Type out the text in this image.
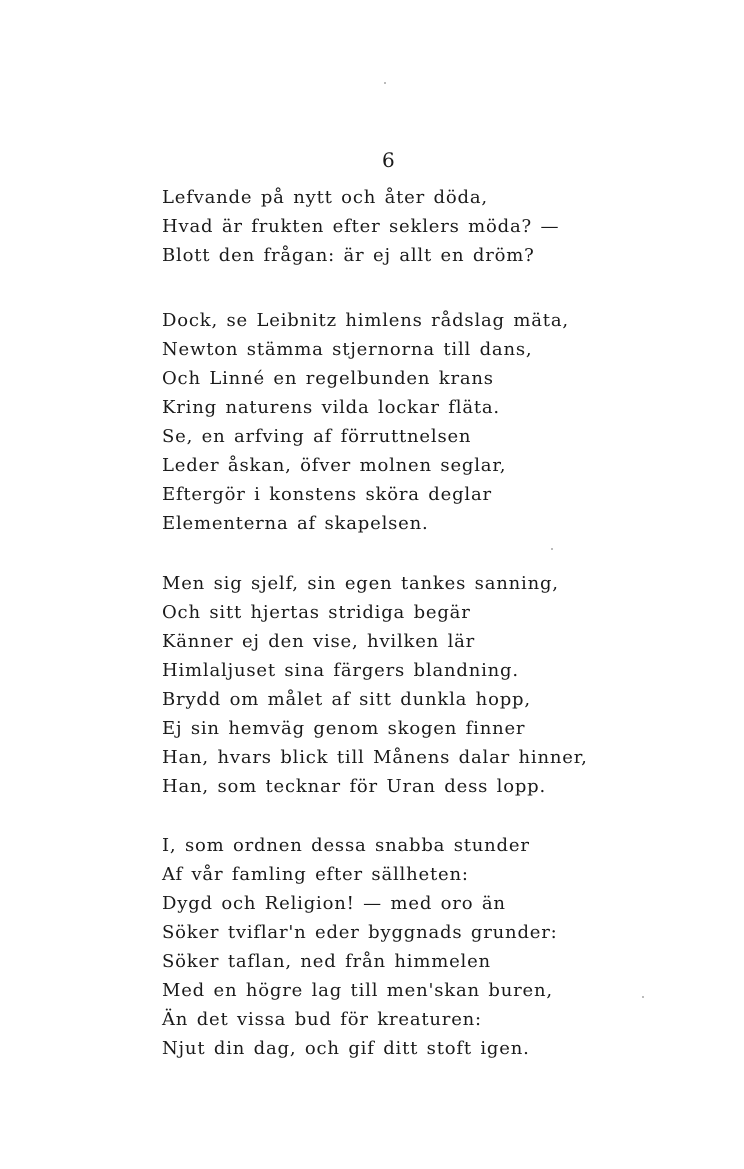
6
Lefvande på nytt och åter döda,
Hvad är frukten efter seklers möda? —
Blott den frågan: är ej allt en dröm?
Dock, se Leibnitz himlens rådslag mäta,
Newton stämma stjernorna till dans,
Och Linné en regelbunden krans
Kring naturens vilda lockar fläta.
Se, en arfving af förruttnelsen
Leder åskan, öfver molnen seglar,
Eftergör i konstens sköra deglar
Elementerna af skapelsen.
Men sig sjelf, sin egen tankes sanning,
Och sitt hjertas stridiga begär
Känner ej den vise, hvilken lär
Himlaljuset sina färgers blandning.
Brydd om målet af sitt dunkla hopp,
Ej sin hemväg genom skogen finner
Han, hvars blick till Månens dalar hinner,
Han, som tecknar för Uran dess lopp.
I, som ordnen dessa snabba stunder
Af vår famling efter sällheten:
Dygd och Religion! — med oro än
Söker tviflar'n eder byggnads grunder:
Söker taflan, ned från himmelen
Med en högre lag till men'skan buren,
Än det vissa bud för kreaturen:
Njut din dag, och gif ditt stoft igen.
